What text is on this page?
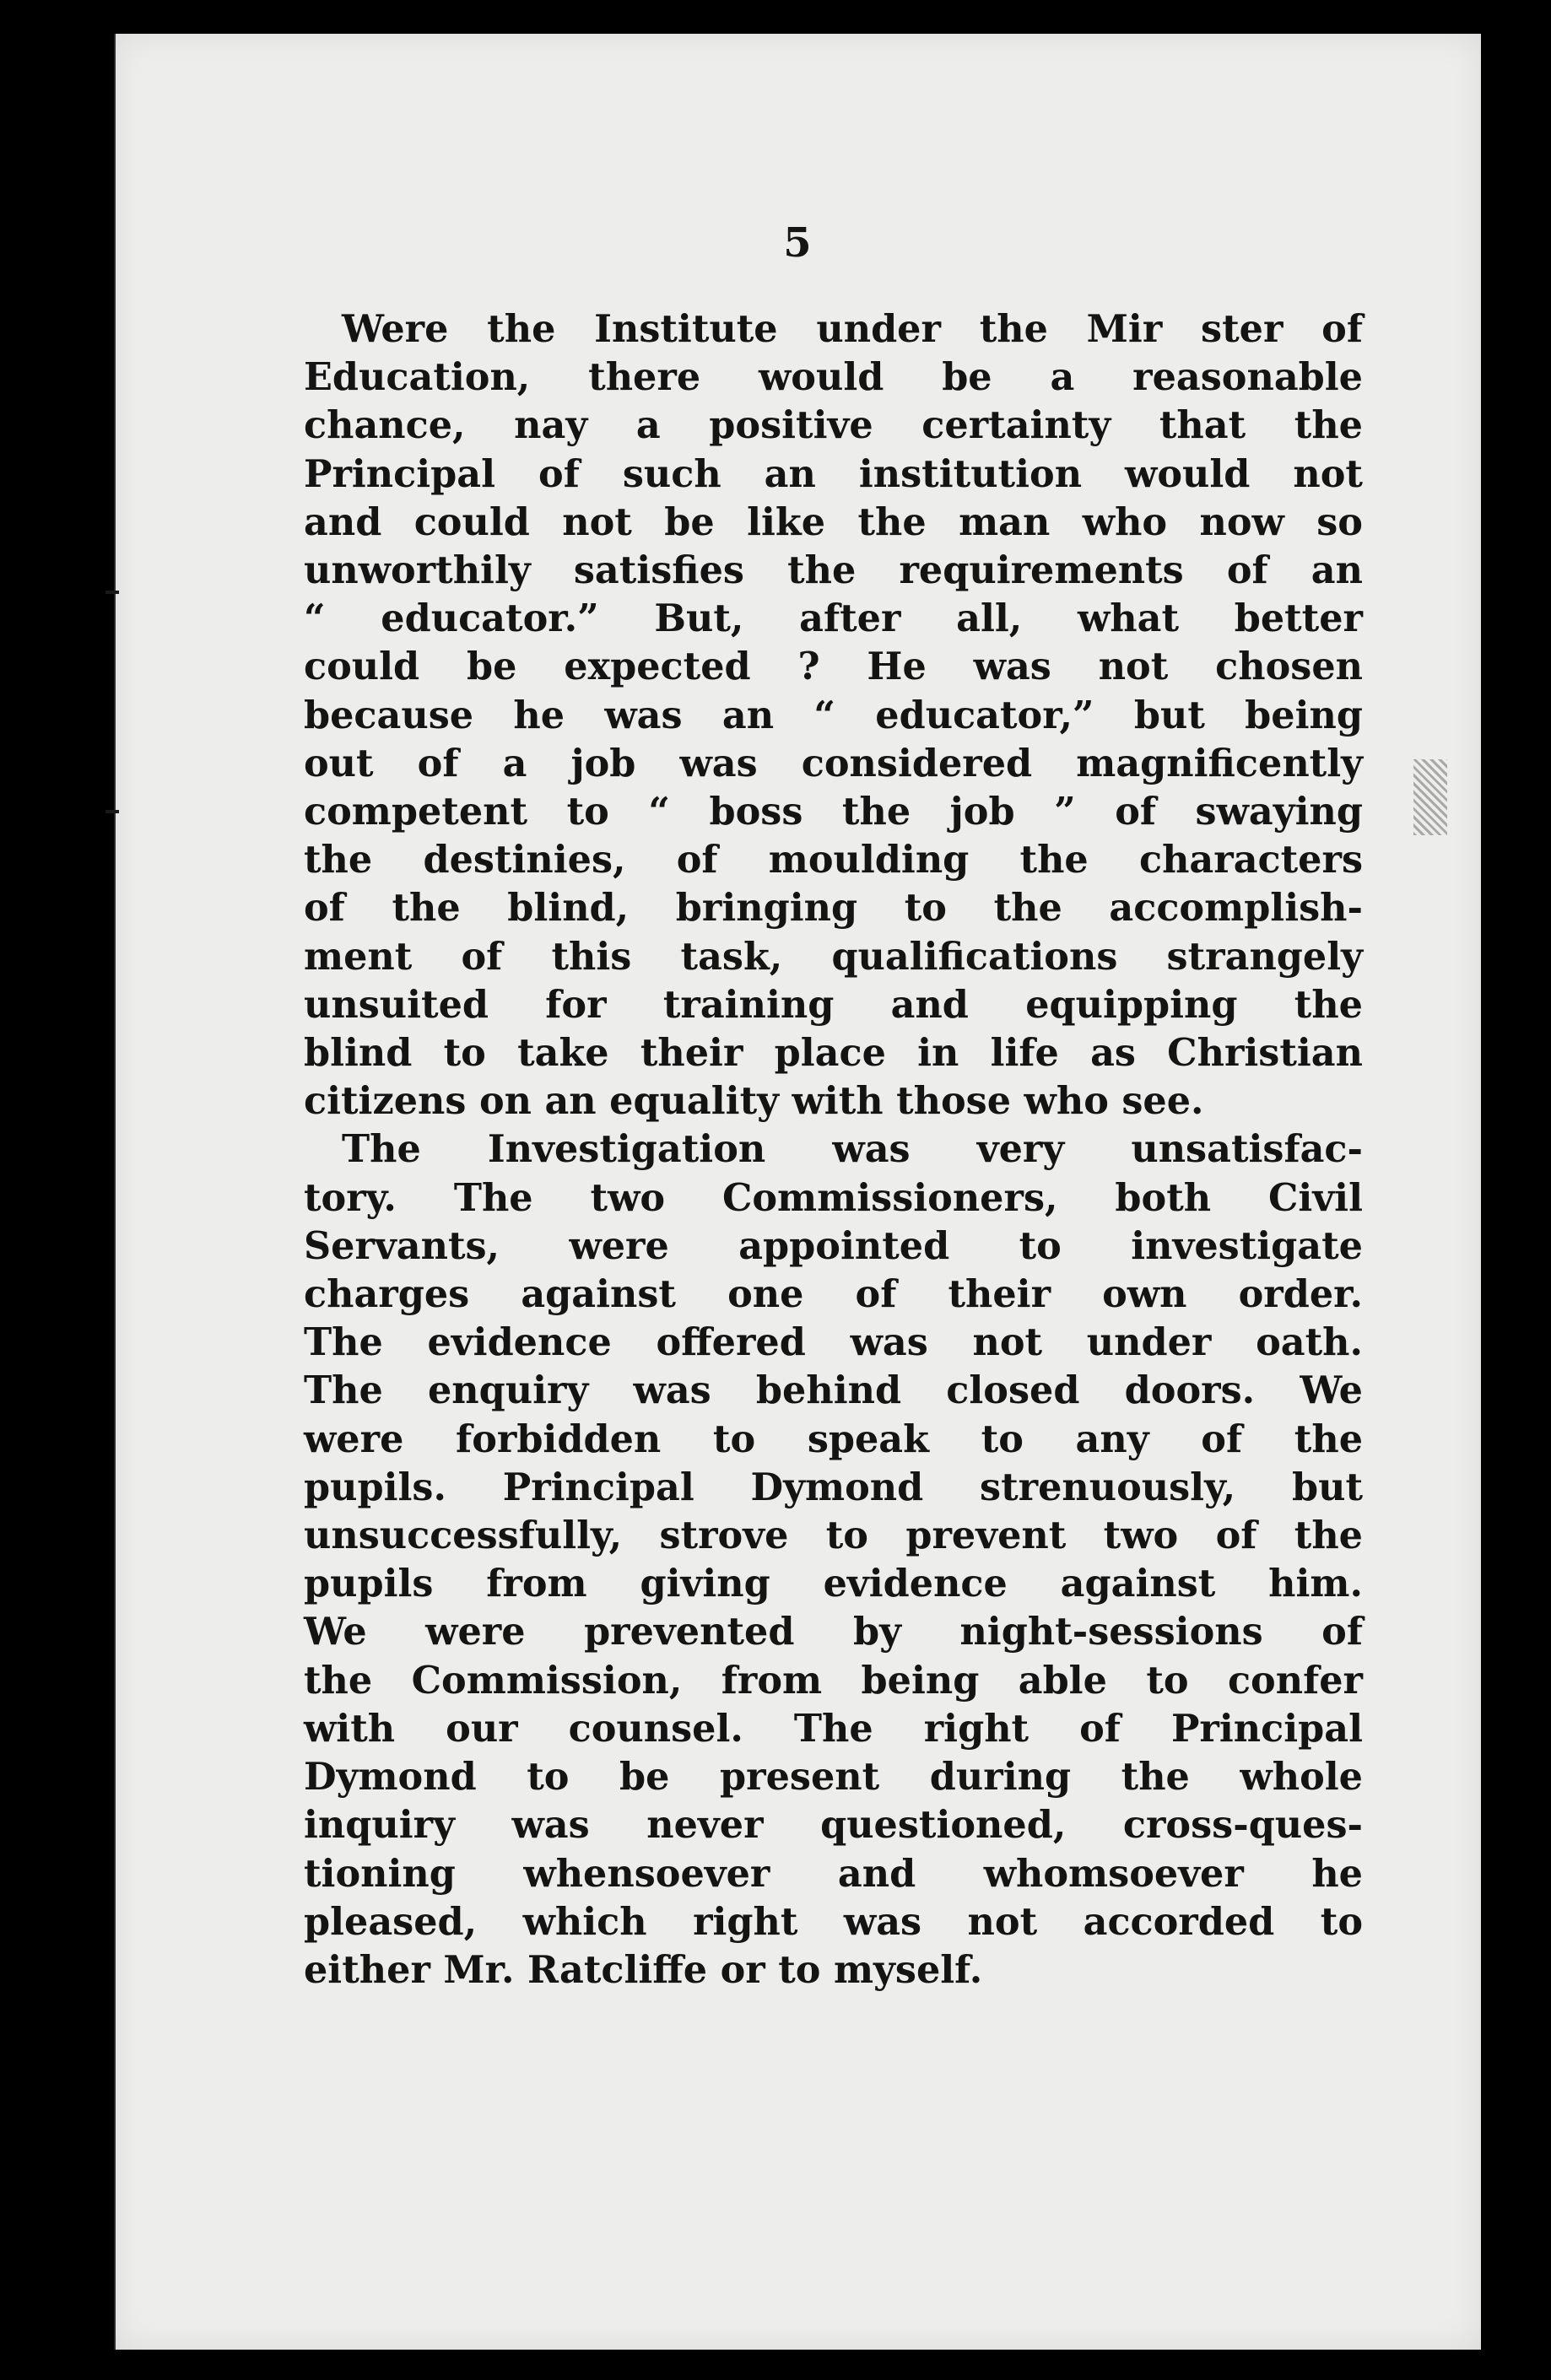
5
Were the Institute under the Mir ster of
Education, there would be a reasonable
chance, nay a positive certainty that the
Principal of such an institution would not
and could not be like the man who now so
unworthily satisfies the requirements of an
“ educator.” But, after all, what better
could be expected ? He was not chosen
because he was an “ educator,” but being
out of a job was considered magnificently
competent to “ boss the job ” of swaying
the destinies, of moulding the characters
of the blind, bringing to the accomplish-
ment of this task, qualifications strangely
unsuited for training and equipping the
blind to take their place in life as Christian
citizens on an equality with those who see.
The Investigation was very unsatisfac-
tory. The two Commissioners, both Civil
Servants, were appointed to investigate
charges against one of their own order.
The evidence offered was not under oath.
The enquiry was behind closed doors. We
were forbidden to speak to any of the
pupils. Principal Dymond strenuously, but
unsuccessfully, strove to prevent two of the
pupils from giving evidence against him.
We were prevented by night-sessions of
the Commission, from being able to confer
with our counsel. The right of Principal
Dymond to be present during the whole
inquiry was never questioned, cross-ques-
tioning whensoever and whomsoever he
pleased, which right was not accorded to
either Mr. Ratcliffe or to myself.
